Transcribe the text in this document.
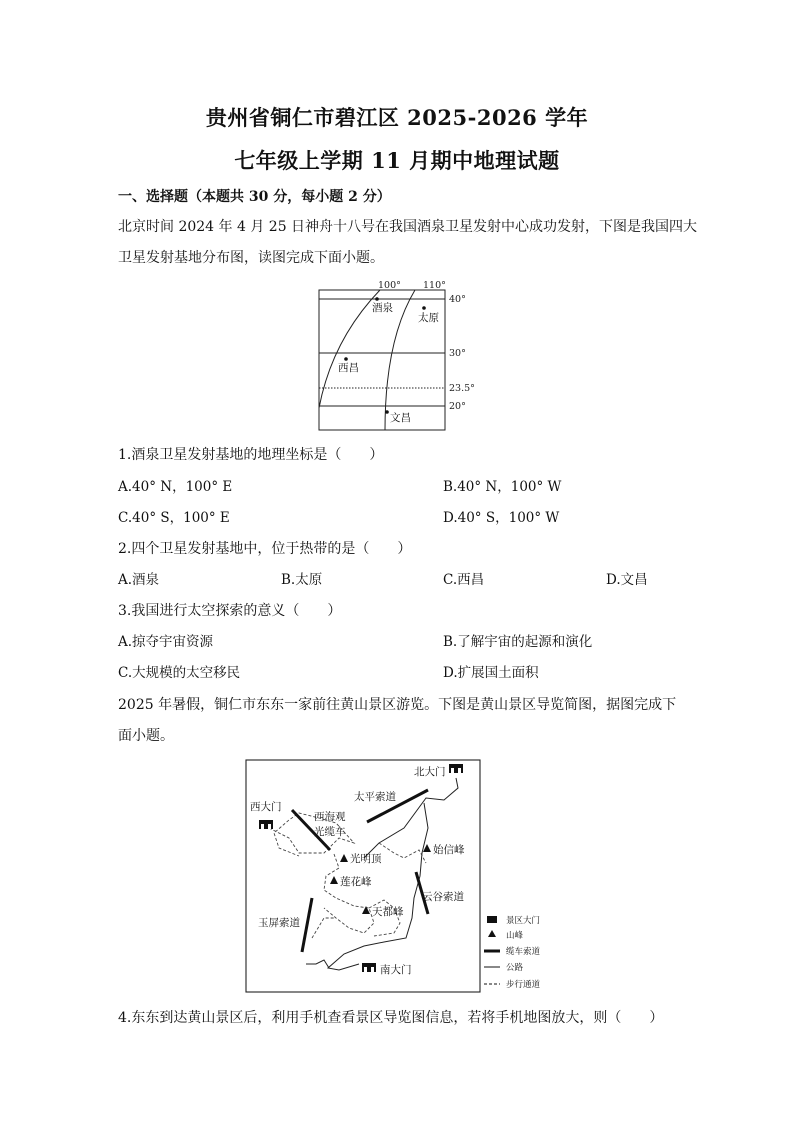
贵州省铜仁市碧江区 2025-2026 学年
七年级上学期 11 月期中地理试题
一、选择题（本题共 30 分，每小题 2 分）
北京时间 2024 年 4 月 25 日神舟十八号在我国酒泉卫星发射中心成功发射，下图是我国四大
卫星发射基地分布图，读图完成下面小题。
100° 110°
40°
30°
23.5°
20°
酒泉
太原
西昌
文昌
1.酒泉卫星发射基地的地理坐标是（　　）
A.40° N，100° E	B.40° N，100° W
C.40° S，100° E	D.40° S，100° W
2.四个卫星发射基地中，位于热带的是（　　）
A.酒泉	B.太原	C.西昌	D.文昌
3.我国进行太空探索的意义（　　）
A.掠夺宇宙资源	B.了解宇宙的起源和演化
C.大规模的太空移民	D.扩展国土面积
2025 年暑假，铜仁市东东一家前往黄山景区游览。下图是黄山景区导览简图，据图完成下
面小题。
北大门
西大门
南大门
太平索道
西海观
光缆车
云谷索道
玉屏索道
光明顶
始信峰
莲花峰
天都峰
景区大门
山峰
缆车索道
公路
步行通道
4.东东到达黄山景区后，利用手机查看景区导览图信息，若将手机地图放大，则（　　）
